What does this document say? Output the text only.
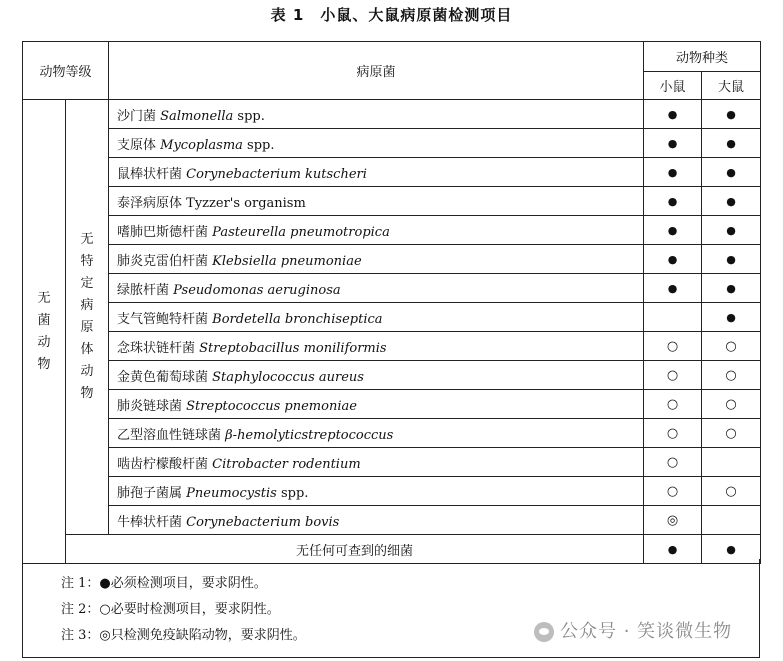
表 1　小鼠、大鼠病原菌检测项目
动物等级		病原菌	动物种类	
			小鼠	大鼠
无菌动物	无特定病原体动物	沙门菌 Salmonella spp.	●	●
		支原体 Mycoplasma spp.	●	●
		鼠棒状杆菌 Corynebacterium kutscheri	●	●
		泰泽病原体 Tyzzer's organism	●	●
		嗜肺巴斯德杆菌 Pasteurella pneumotropica	●	●
		肺炎克雷伯杆菌 Klebsiella pneumoniae	●	●
		绿脓杆菌 Pseudomonas aeruginosa	●	●
		支气管鲍特杆菌 Bordetella bronchiseptica		●
		念珠状链杆菌 Streptobacillus moniliformis	○	○
		金黄色葡萄球菌 Staphylococcus aureus	○	○
		肺炎链球菌 Streptococcus pnemoniae	○	○
		乙型溶血性链球菌 β-hemolyticstreptococcus	○	○
		啮齿柠檬酸杆菌 Citrobacter rodentium	○	
		肺孢子菌属 Pneumocystis spp.	○	○
		牛棒状杆菌 Corynebacterium bovis	◎	
	无任何可查到的细菌		●	●
注 1：●必须检测项目，要求阴性。
注 2：○必要时检测项目，要求阴性。
注 3：◎只检测免疫缺陷动物，要求阴性。	公众号 · 笑谈微生物
